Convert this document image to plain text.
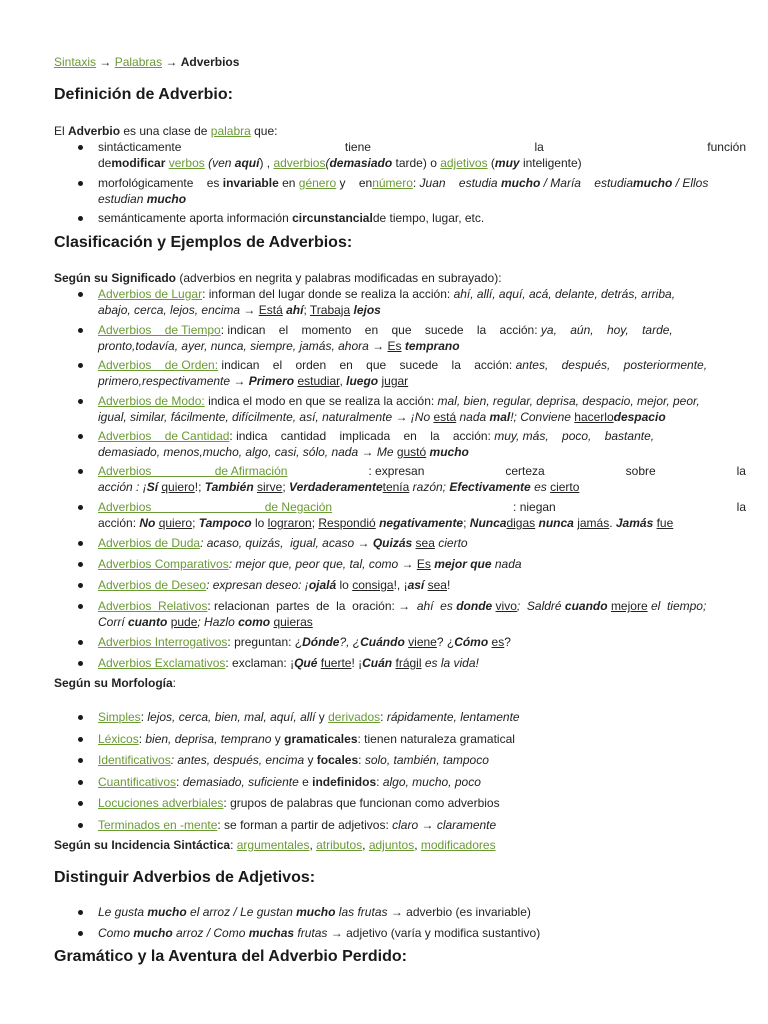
Sintaxis → Palabras → Adverbios
Definición de Adverbio:
El Adverbio es una clase de palabra que:
sintácticamente	tiene	la	función
demodificar verbos (ven aquí) , adverbios(demasiado tarde) o adjetivos (muy inteligente)
morfológicamente    es invariable en género y    ennúmero: Juan    estudia mucho / María    estudiamucho / Ellos
estudian mucho
semánticamente aporta información circunstancialde tiempo, lugar, etc.
Clasificación y Ejemplos de Adverbios:
Según su Significado (adverbios en negrita y palabras modificadas en subrayado):
Adverbios de Lugar: informan del lugar donde se realiza la acción: ahí, allí, aquí, acá, delante, detrás, arriba,
abajo, cerca, lejos, encima → Está ahí; Trabaja lejos
Adverbios    de Tiempo: indican    el    momento    en    que    sucede    la    acción: ya,    aún,    hoy,    tarde,
pronto,todavía, ayer, nunca, siempre, jamás, ahora → Es temprano
Adverbios    de Orden: indican    el    orden    en    que    sucede    la    acción: antes,    después,    posteriormente,
primero,respectivamente → Primero estudiar, luego jugar
Adverbios de Modo: indica el modo en que se realiza la acción: mal, bien, regular, deprisa, despacio, mejor, peor,
igual, similar, fácilmente, difícilmente, así, naturalmente → ¡No está nada mal!; Conviene hacerlodespacio
Adverbios    de Cantidad: indica    cantidad    implicada    en    la    acción: muy, más,    poco,    bastante,
demasiado, menos,mucho, algo, casi, sólo, nada → Me gustó mucho
Adverbios                   de Afirmación	: expresan	certeza	sobre	la
acción : ¡Sí quiero!; También sirve; Verdaderamentetenía razón; Efectivamente es cierto
Adverbios                                  de Negación	: niegan	la
acción: No quiero; Tampoco lo lograron; Respondió negativamente; Nuncadigas nunca jamás. Jamás fue
Adverbios de Duda: acaso, quizás,  igual, acaso → Quizás sea cierto
Adverbios Comparativos: mejor que, peor que, tal, como → Es mejor que nada
Adverbios de Deseo: expresan deseo: ¡ojalá lo consiga!, ¡así sea!
Adverbios  Relativos: relacionan  partes  de  la  oración: →  ahí  es donde vivo;  Saldré cuando mejore el  tiempo;
Corrí cuanto pude; Hazlo como quieras
Adverbios Interrogativos: preguntan: ¿Dónde?, ¿Cuándo viene? ¿Cómo es?
Adverbios Exclamativos: exclaman: ¡Qué fuerte! ¡Cuán frágil es la vida!
Según su Morfología:
Simples: lejos, cerca, bien, mal, aquí, allí y derivados: rápidamente, lentamente
Léxicos: bien, deprisa, temprano y gramaticales: tienen naturaleza gramatical
Identificativos: antes, después, encima y focales: solo, también, tampoco
Cuantificativos: demasiado, suficiente e indefinidos: algo, mucho, poco
Locuciones adverbiales: grupos de palabras que funcionan como adverbios
Terminados en -mente: se forman a partir de adjetivos: claro → claramente
Según su Incidencia Sintáctica: argumentales, atributos, adjuntos, modificadores
Distinguir Adverbios de Adjetivos:
Le gusta mucho el arroz / Le gustan mucho las frutas → adverbio (es invariable)
Como mucho arroz / Como muchas frutas → adjetivo (varía y modifica sustantivo)
Gramático y la Aventura del Adverbio Perdido:
